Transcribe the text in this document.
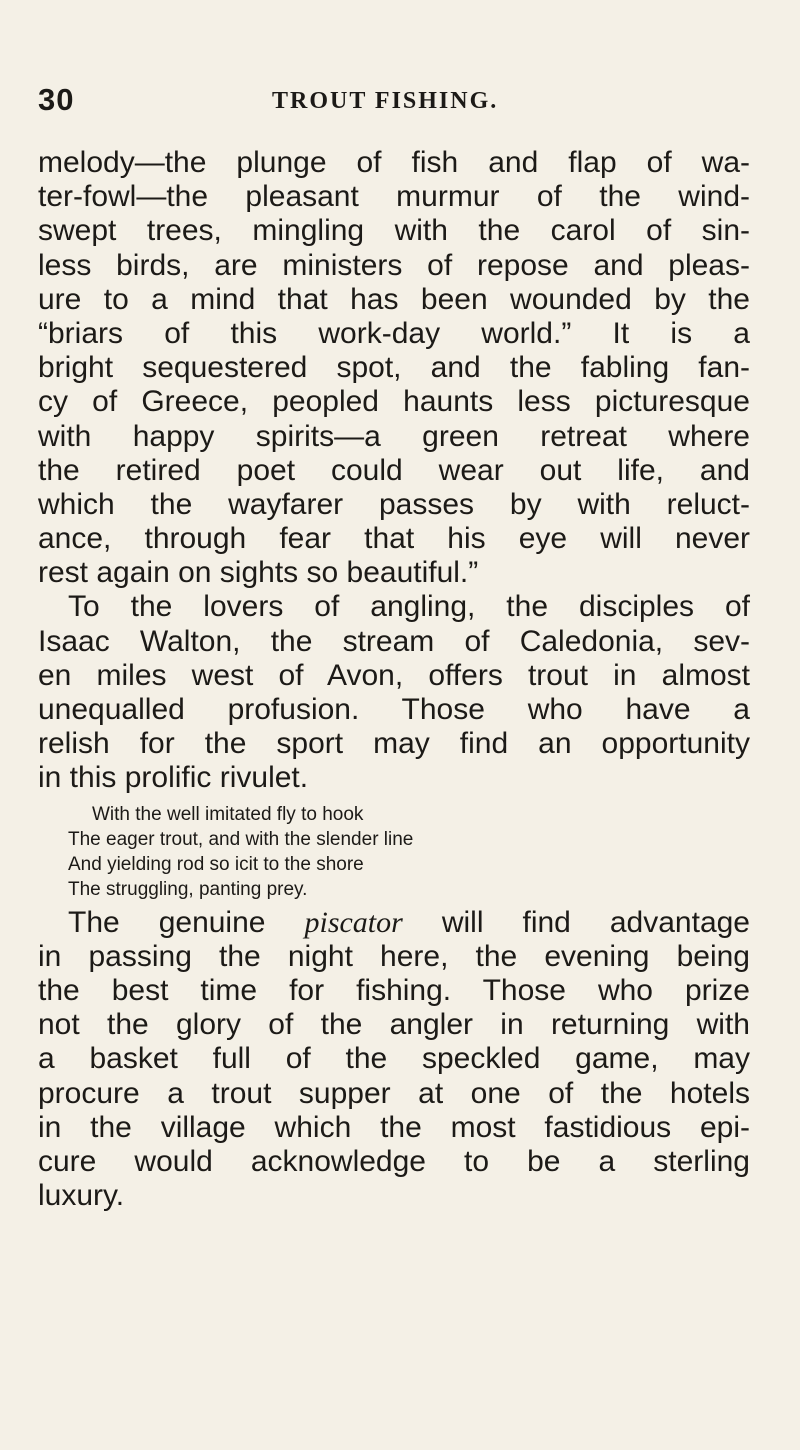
30	TROUT FISHING.
melody—the plunge of fish and flap of wa-
ter-fowl—the pleasant murmur of the wind-
swept trees, mingling with the carol of sin-
less birds, are ministers of repose and pleas-
ure to a mind that has been wounded by the
“briars of this work-day world.” It is a
bright sequestered spot, and the fabling fan-
cy of Greece, peopled haunts less picturesque
with happy spirits—a green retreat where
the retired poet could wear out life, and
which the wayfarer passes by with reluct-
ance, through fear that his eye will never
rest again on sights so beautiful.”
To the lovers of angling, the disciples of
Isaac Walton, the stream of Caledonia, sev-
en miles west of Avon, offers trout in almost
unequalled profusion. Those who have a
relish for the sport may find an opportunity
in this prolific rivulet.
With the well imitated fly to hook
The eager trout, and with the slender line
And yielding rod so icit to the shore
The struggling, panting prey.
The genuine piscator will find advantage
in passing the night here, the evening being
the best time for fishing. Those who prize
not the glory of the angler in returning with
a basket full of the speckled game, may
procure a trout supper at one of the hotels
in the village which the most fastidious epi-
cure would acknowledge to be a sterling
luxury.
